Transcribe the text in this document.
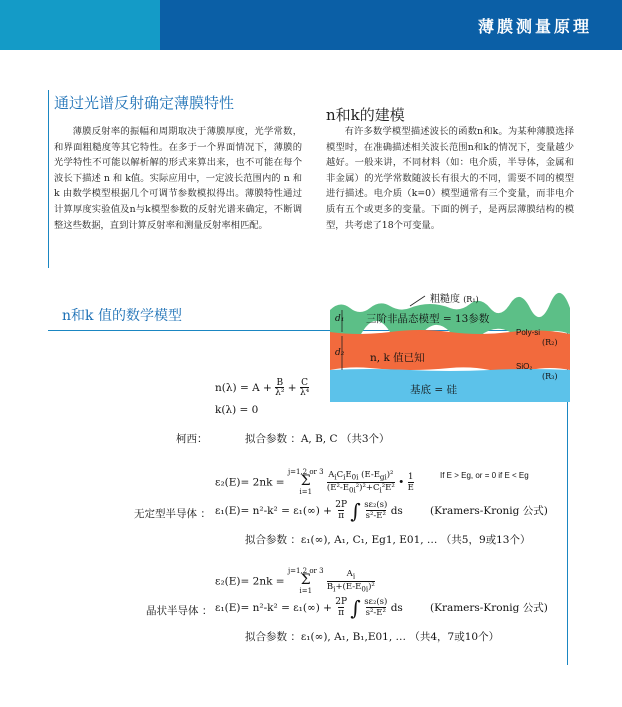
薄膜测量原理
通过光谱反射确定薄膜特性
薄膜反射率的振幅和周期取决于薄膜厚度，光学常数，和界面粗糙度等其它特性。在多于一个界面情况下，薄膜的光学特性不可能以解析解的形式来算出来，也不可能在每个波长下描述 n 和 k值。实际应用中，一定波长范围内的 n 和 k 由数学模型根据几个可调节参数模拟得出。薄膜特性通过计算厚度实验值及n与k模型参数的反射光谱来确定，不断调整这些数据，直到计算反射率和测量反射率相匹配。
n和k的建模
有许多数学模型描述波长的函数n和k。为某种薄膜选择模型时，在准确描述相关波长范围n和k的情况下，变量越少越好。一般来讲，不同材料（如：电介质，半导体，金属和非金属）的光学常数随波长有很大的不同，需要不同的模型进行描述。电介质（k=0）模型通常有三个变量，而非电介质有五个或更多的变量。下面的例子，是两层薄膜结构的模型，共考虑了18个可变量。
n和k 值的数学模型
粗糙度 (R₁)
d₁
d₂
三阶非晶态模型 = 13参数
Poly-si
(R₂)
n, k 值已知
SiO₂
(R₃)
基底 = 硅
n(λ) = A + B
λ² + C
λ⁴
k(λ) = 0
柯西：	拟合参数 ：A, B, C （共3个）
ε₂(E)= 2nk = j=1,2 or 3
Σ
i=1 $A_iC_iE_{0i}$ $(E-E_{gi})^2$
$(E^2-E_{0i}^2)^2+C_i^2E^2$ • 1
E
If E > Eg, or = 0 if E < Eg
无定型半导体 ： ε₁(E)= n²-k² = ε₁(∞) + 2P
π ∫ sε₂(s)
s²-E² ds	(Kramers-Kronig 公式)
拟合参数 ：ε₁(∞), A₁, C₁, Eg1, E01, … （共5，9或13个）
ε₂(E)= 2nk = j=1,2 or 3
Σ
i=1 $A_i$
$B_i+(E-E_{0i})^2$
晶状半导体 ： ε₁(E)= n²-k² = ε₁(∞) + 2P
π ∫ sε₂(s)
s²-E² ds	(Kramers-Kronig 公式)
拟合参数 ：ε₁(∞), A₁, B₁,E01, … （共4，7或10个）
